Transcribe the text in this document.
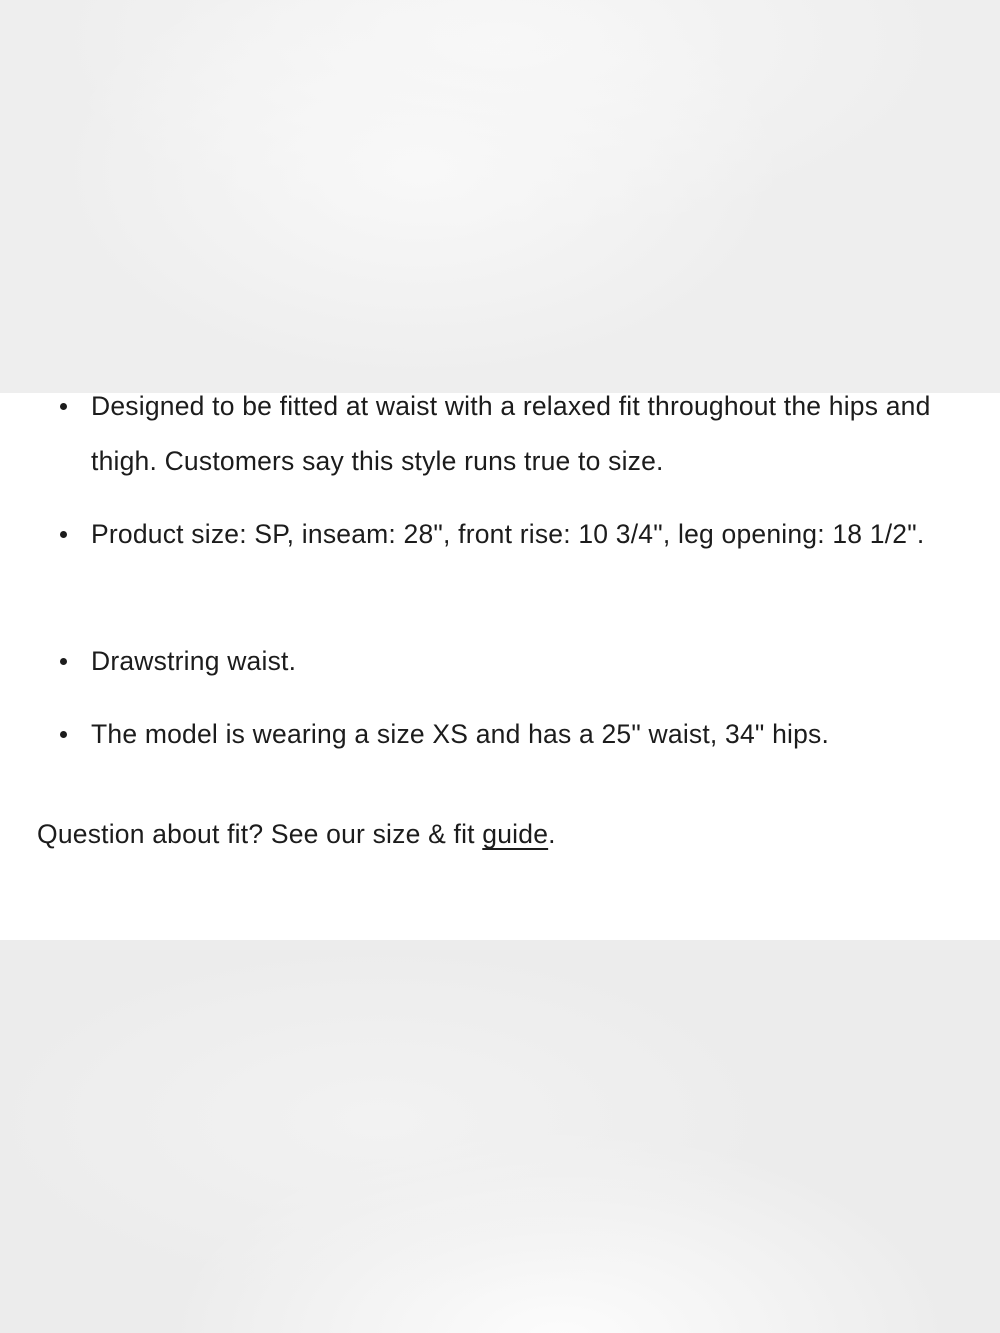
Designed to be fitted at waist with a relaxed fit throughout the hips and thigh. Customers say this style runs true to size.
Product size: SP, inseam: 28", front rise: 10 3/4", leg opening: 18 1/2".
Drawstring waist.
The model is wearing a size XS and has a 25" waist, 34" hips.
Question about fit? See our size & fit guide.
